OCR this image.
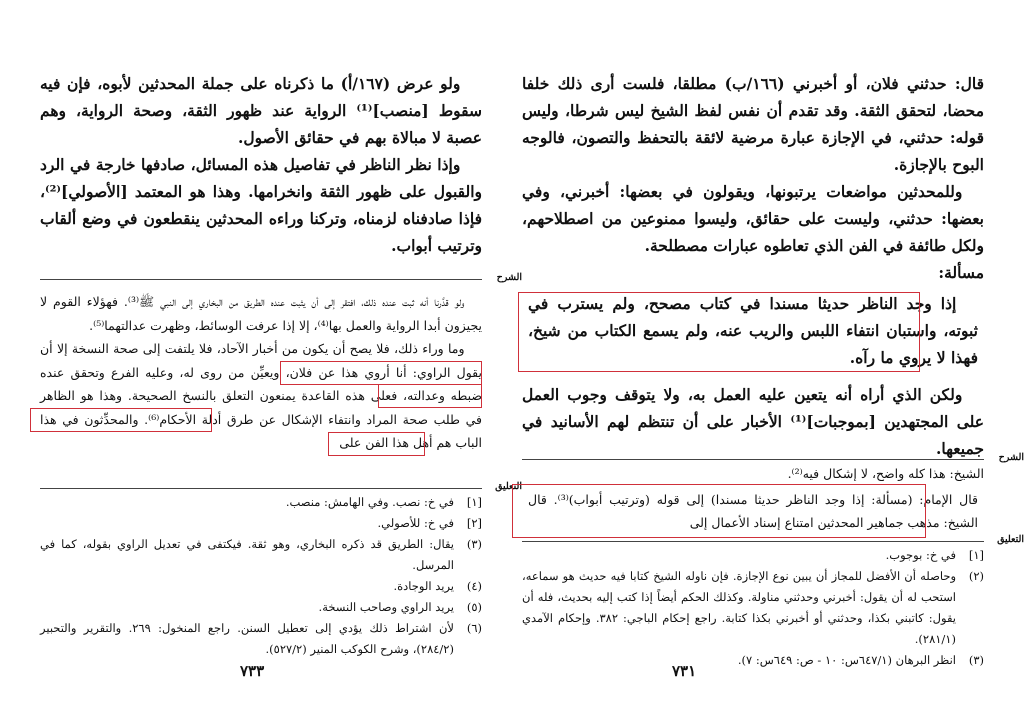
ولو عرض (١٦٧/أ) ما ذكرناه على جملة المحدثين لأبوه، فإن فيه سقوط [منصب]⁽¹⁾ الرواية عند ظهور الثقة، وصحة الرواية، وهم عصبة لا مبالاة بهم في حقائق الأصول.

وإذا نظر الناظر في تفاصيل هذه المسائل، صادفها خارجة في الرد والقبول على ظهور الثقة وانخرامها. وهذا هو المعتمد [الأصولي]⁽²⁾، فإذا صادفناه لزمناه، وتركنا وراءه المحدثين ينقطعون في وضع ألقاب وترتيب أبواب.

الشرح

ولو قدَّرنا أنه ثبت عنده ذلك، افتقر إلى أن يثبت عنده الطريق من البخاري إلى النبي ﷺ⁽³⁾. فهؤلاء القوم لا يجيزون أبدا الرواية والعمل بها⁽⁴⁾، إلا إذا عرفت الوسائط، وظهرت عدالتهما⁽⁵⁾.

وما وراء ذلك، فلا يصح أن يكون من أخبار الآحاد، فلا يلتفت إلى صحة النسخة إلا أن يقول الراوي: أنا أروي هذا عن فلان، ويعيِّن من روى له، وعليه الفرع وتحقق عنده ضبطه وعدالته، فعلى هذه القاعدة يمنعون التعلق بالنسخ الصحيحة. وهذا هو الظاهر في طلب صحة المراد وانتفاء الإشكال عن طرق أدلة الأحكام⁽⁶⁾. والمحدِّثون في هذا الباب هم أهل هذا الفن على

التعليق
[١]
في خ: نصب. وفي الهامش: منصب.
[٢]
في خ: للأصولي.
(٣)
يقال: الطريق قد ذكره البخاري، وهو ثقة. فيكتفى في تعديل الراوي بقوله، كما في المرسل.
(٤)
يريد الوجادة.
(٥)
يريد الراوي وصاحب النسخة.
(٦)
لأن اشتراط ذلك يؤدي إلى تعطيل السنن. راجع المنخول: ٢٦٩. والتقرير والتحبير (٢٨٤/٢)، وشرح الكوكب المنير (٥٢٧/٢).
٧٣٣

قال: حدثني فلان، أو أخبرني (١٦٦/ب) مطلقا، فلست أرى ذلك خلفا محضا، لتحقق الثقة. وقد تقدم أن نفس لفظ الشيخ ليس شرطا، وليس قوله: حدثني، في الإجازة عبارة مرضية لائقة بالتحفظ والتصون، فالوجه البوح بالإجازة.

وللمحدثين مواضعات يرتبونها، ويقولون في بعضها: أخبرني، وفي بعضها: حدثني، وليست على حقائق، وليسوا ممنوعين من اصطلاحهم، ولكل طائفة في الفن الذي تعاطوه عبارات مصطلحة.

مسألة:

إذا وجد الناظر حديثا مسندا في كتاب مصحح، ولم يسترب في ثبوته، واستبان انتفاء اللبس والريب عنه، ولم يسمع الكتاب من شيخ، فهذا لا يروي ما رآه.

ولكن الذي أراه أنه يتعين عليه العمل به، ولا يتوقف وجوب العمل على المجتهدين [بموجبات]⁽¹⁾ الأخبار على أن تنتظم لهم الأسانيد في جميعها. الشرح

الشيخ: هذا كله واضح، لا إشكال فيه⁽²⁾.

قال الإمام: (مسألة: إذا وجد الناظر حديثا مسندا) إلى قوله (وترتيب أبواب)⁽³⁾. قال الشيخ: مذهب جماهير المحدثين امتناع إسناد الأعمال إلى

التعليق
[١]
في خ: بوجوب.
(٢)
وحاصله أن الأفضل للمجاز أن يبين نوع الإجازة. فإن ناوله الشيخ كتابا فيه حديث هو سماعه، استحب له أن يقول: أخبرني وحدثني مناولة. وكذلك الحكم أيضاً إذا كتب إليه بحديث، فله أن يقول: كاتبني بكذا، وحدثني أو أخبرني بكذا كتابة. راجع إحكام الباجي: ٣٨٢. وإحكام الآمدي (٢٨١/١).
(٣)
انظر البرهان (٦٤٧/١س: ١٠ - ص: ٦٤٩س: ٧).
٧٣١
